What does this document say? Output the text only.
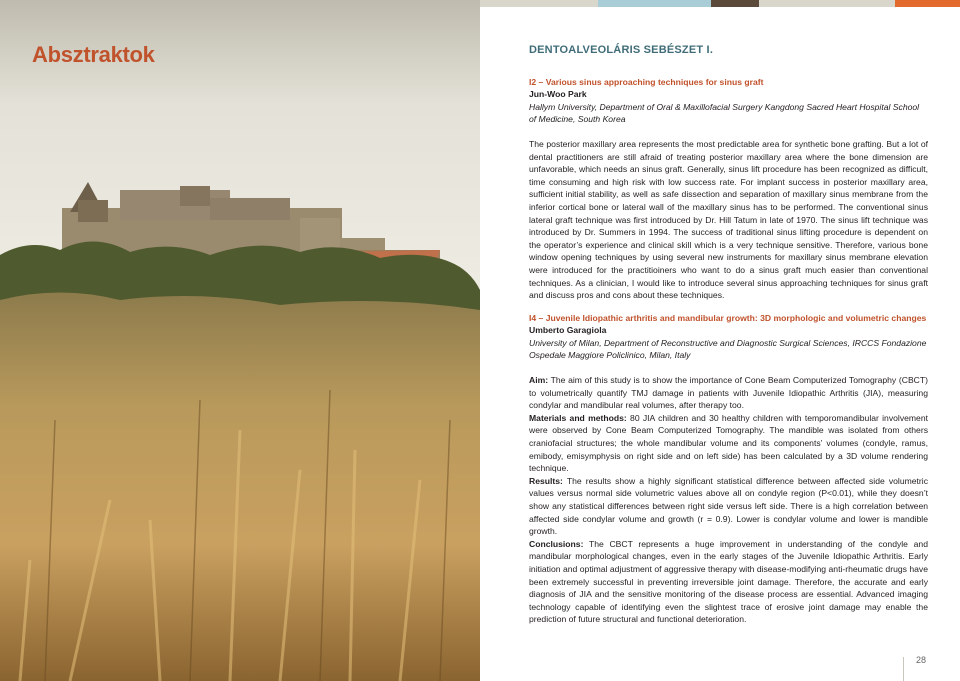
Absztraktok	DENTOALVEOLÁRIS SEBÉSZET I.
I2 – Various sinus approaching techniques for sinus graft
Jun-Woo Park
Hallym University, Department of Oral & Maxillofacial Surgery Kangdong Sacred Heart Hospital School of Medicine, South Korea

The posterior maxillary area represents the most predictable area for synthetic bone grafting. But a lot of dental practitioners are still afraid of treating posterior maxillary area where the bone dimension are unfavorable, which needs an sinus graft. Generally, sinus lift procedure has been recognized as difficult, time consuming and high risk with low success rate. For implant success in posterior maxillary area, sufficient initial stability, as well as safe dissection and separation of maxillary sinus membrane from the inferior cortical bone or lateral wall of the maxillary sinus has to be performed. The conventional sinus lateral graft technique was first introduced by Dr. Hill Tatum in late of 1970. The sinus lift technique was introduced by Dr. Summers in 1994. The success of traditional sinus lifting procedure is dependent on the operator’s experience and clinical skill which is a very technique sensitive. Therefore, various bone window opening techniques by using several new instruments for maxillary sinus membrane elevation were introduced for the practitioiners who want to do a sinus graft much easier than conventional techniques. As a clinician, I would like to introduce several sinus approaching techniques for sinus graft and discuss pros and cons about these techniques.

I4 – Juvenile Idiopathic arthritis and mandibular growth: 3D morphologic and volumetric changes
Umberto Garagiola
University of Milan, Department of Reconstructive and Diagnostic Surgical Sciences, IRCCS Fondazione Ospedale Maggiore Policlinico, Milan, Italy

Aim: The aim of this study is to show the importance of Cone Beam Computerized Tomography (CBCT) to volumetrically quantify TMJ damage in patients with Juvenile Idiopathic Arthritis (JIA), measuring condylar and mandibular real volumes, after therapy too.

Materials and methods: 80 JIA children and 30 healthy children with temporomandibular involvement were observed by Cone Beam Computerized Tomography. The mandible was isolated from others craniofacial structures; the whole mandibular volume and its components’ volumes (condyle, ramus, emibody, emisymphysis on right side and on left side) has been calculated by a 3D volume rendering technique.

Results: The results show a highly significant statistical difference between affected side volumetric values versus normal side volumetric values above all on condyle region (P<0.01), while they doesn’t show any statistical differences between right side versus left side. There is a high correlation between affected side condylar volume and growth (r = 0.9). Lower is condylar volume and lower is mandible growth.

Conclusions: The CBCT represents a huge improvement in understanding of the condyle and mandibular morphological changes, even in the early stages of the Juvenile Idiopathic Arthritis. Early initiation and optimal adjustment of aggressive therapy with disease-modifying anti-rheumatic drugs have been extremely successful in preventing irreversible joint damage. Therefore, the accurate and early diagnosis of JIA and the sensitive monitoring of the disease process are essential. Advanced imaging technology capable of identifying even the slightest trace of erosive joint damage may enable the prediction of future structural and functional deterioration.

28
